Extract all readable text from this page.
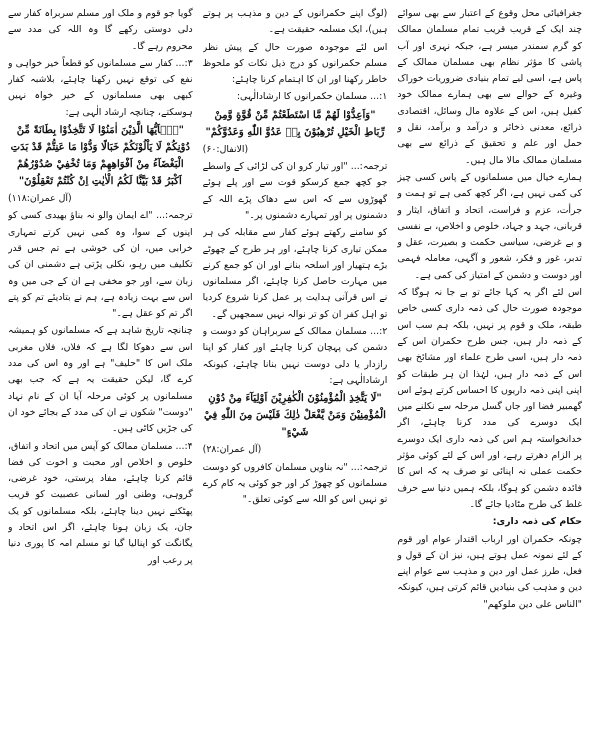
جغرافیائی محل وقوع کے اعتبار سے بھی سوائے چند ایک کے قریب قریب تمام مسلمان ممالک کو گرم سمندر میسر ہے، جبکہ نہری اور آب پاشی کا مؤثر نظام بھی مسلمان ممالک کے پاس ہے، اسی لیے تمام بنیادی ضروریات خوراک وغیرہ کے حوالے سے بھی ہمارے ممالک خود کفیل ہیں، اس کے علاوہ مال وسائل، اقتصادی ذرائع، معدنی ذخائر و درآمد و برآمد، نقل و حمل اور علم و تحقیق کے ذرائع سے بھی مسلمان ممالک مالا مال ہیں۔

ہمارے خیال میں مسلمانوں کے پاس کسی چیز کی کمی نہیں ہے، اگر کچھ کمی ہے تو ہمت و جرأت، عزم و فراست، اتحاد و اتفاق، ایثار و قربانی، جہد و جہاد، خلوص و اخلاص، بے نفسی و بے غرضی، سیاسی حکمت و بصیرت، عقل و تدبر، غور و فکر، شعور و آگہی، معاملہ فہمی اور دوست و دشمن کے امتیاز کی کمی ہے۔

اس لئے اگر یہ کہا جائے تو بے جا نہ ہوگا کہ موجودہ صورت حال کی ذمہ داری کسی خاص طبقہ، ملک و قوم پر نہیں، بلکہ ہم سب اس کے ذمہ دار ہیں، جس طرح حکمران اس کے ذمہ دار ہیں، اسی طرح علماء اور مشائخ بھی اس کے ذمہ دار ہیں، لہٰذا ان ہر طبقات کو اپنی اپنی ذمہ داریوں کا احساس کرتے ہوئے اس گھمبیر فضا اور جاں گسل مرحلہ سے نکلنے میں ایک دوسرے کی مدد کرنا چاہئے، اگر خدانخواستہ ہم اس کی ذمہ داری ایک دوسرے پر الزام دھرتے رہے، اور اس کے لئے کوئی مؤثر حکمت عملی نہ اپنائی تو صرف یہ کہ اس کا فائدہ دشمن کو ہوگا، بلکہ ہمیں دنیا سے حرف غلط کی طرح مٹادیا جائے گا۔

حکام کی ذمہ داری:

چونکہ حکمران اور ارباب اقتدار عوام اور قوم کے لئے نمونہ عمل ہوتے ہیں، نیز ان کے قول و فعل، طرز عمل اور دین و مذہب سے عوام اپنے دین و مذہب کی بنیادیں قائم کرتی ہیں، کیونکہ "الناس علی دین ملوکھم"

(لوگ اپنے حکمرانوں کے دین و مذہب پر ہوتے ہیں)، ایک مسلمہ حقیقت ہے۔

اس لئے موجودہ صورت حال کے پیش نظر مسلم حکمرانوں کو درج ذیل نکات کو ملحوظ خاطر رکھنا اور ان کا اہتمام کرنا چاہئے:

۱:... مسلمان حکمرانوں کا ارشادالٰہی:

"وَاَعِدُّوْا لَهُمْ مَّا اسْتَطَعْتُمْ مِّنْ قُوَّةٍ وَّمِنْ رِّبَاطِ الْخَيْلِ تُرْهِبُوْنَ بِهٖ عَدُوَّ اللّٰهِ وَعَدُوَّكُمْ"

(الانفال:۶۰)

ترجمہ:... "اور تیار کرو ان کی لڑائی کے واسطے جو کچھ جمع کرسکو قوت سے اور پلے ہوئے گھوڑوں سے کہ اس سے دھاک پڑے اللہ کے دشمنوں پر اور تمہارے دشمنوں پر۔"

کو سامنے رکھتے ہوئے کفار سے مقابلہ کی ہر ممکن تیاری کرنا چاہئے، اور ہر طرح کے چھوٹے بڑے ہتھیار اور اسلحہ بنانے اور ان کو جمع کرنے میں مہارت حاصل کرنا چاہئے، اگر مسلمانوں نے اس قرآنی ہدایت پر عمل کرنا شروع کردیا تو اہل کفر ان کو تر نوالہ نہیں سمجھیں گے۔

۲:... مسلمان ممالک کے سربراہان کو دوست و دشمن کی پہچان کرنا چاہئے اور کفار کو اپنا رازدار یا دلی دوست نہیں بنانا چاہئے، کیونکہ ارشادالٰہی ہے:

"لَا يَتَّخِذِ الْمُؤْمِنُوْنَ الْكٰفِرِيْنَ اَوْلِيَآءَ مِنْ دُوْنِ الْمُؤْمِنِيْنَ وَمَنْ يَّفْعَلْ ذٰلِكَ فَلَيْسَ مِنَ اللّٰهِ فِيْ شَيْءٍ"

(آل عمران:۲۸)

ترجمہ:... "نہ بناویں مسلمان کافروں کو دوست مسلمانوں کو چھوڑ کر اور جو کوئی یہ کام کرے تو نہیں اس کو اللہ سے کوئی تعلق۔"

گویا جو قوم و ملک اور مسلم سربراہ کفار سے دلی دوستی رکھے گا وہ اللہ کی مدد سے محروم رہے گا۔

۳:... کفار سے مسلمانوں کو قطعاً خیر خواہی و نفع کی توقع نہیں رکھنا چاہئے، بلاشبہ کفار کبھی بھی مسلمانوں کے خیر خواہ نہیں ہوسکتے، چنانچہ ارشاد الٰہی ہے:

"يٰۤاَيُّهَا الَّذِيْنَ اٰمَنُوْا لَا تَتَّخِذُوْا بِطَانَةً مِّنْ دُوْنِكُمْ لَا يَاْلُوْنَكُمْ خَبَالًا وَدُّوْا مَا عَنِتُّمْ قَدْ بَدَتِ الْبَغْضَآءُ مِنْ اَفْوَاهِهِمْ وَمَا تُخْفِيْ صُدُوْرُهُمْ اَكْبَرُ قَدْ بَيَّنَّا لَكُمُ الْاٰيٰتِ اِنْ كُنْتُمْ تَعْقِلُوْنَ"

(آل عمران:۱۱۸)

ترجمہ:... "اے ایمان والو نہ بناؤ بھیدی کسی کو اپنوں کے سوا، وہ کمی نہیں کرتے تمہاری خرابی میں، ان کی خوشی ہے تم جس قدر تکلیف میں رہو، نکلی پڑتی ہے دشمنی ان کی زبان سے، اور جو مخفی ہے ان کے جی میں وہ اس سے بہت زیادہ ہے، ہم نے بتادیئے تم کو پتے اگر تم کو عقل ہے۔"

چنانچہ تاریخ شاہد ہے کہ مسلمانوں کو ہمیشہ اس سے دھوکا لگا ہے کہ فلاں، فلاں مغربی ملک اس کا "حلیف" ہے اور وہ اس کی مدد کرے گا، لیکن حقیقت یہ ہے کہ جب بھی مسلمانوں پر کوئی مرحلہ آیا ان کے نام نہاد "دوست" شکوں نے ان کی مدد کے بجائے خود ان کی جڑیں کاٹی ہیں۔

۴:... مسلمان ممالک کو آپس میں اتحاد و اتفاق، خلوص و اخلاص اور محبت و اخوت کی فضا قائم کرنا چاہئے، مفاد پرستی، خود غرضی، گروہی، وطنی اور لسانی عصبیت کو قریب پھٹکنے نہیں دینا چاہئے، بلکہ مسلمانوں کو یک جان، یک زبان ہونا چاہئے، اگر اس اتحاد و یگانگت کو اپنالیا گیا تو مسلم امہ کا پوری دنیا پر رعب اور
